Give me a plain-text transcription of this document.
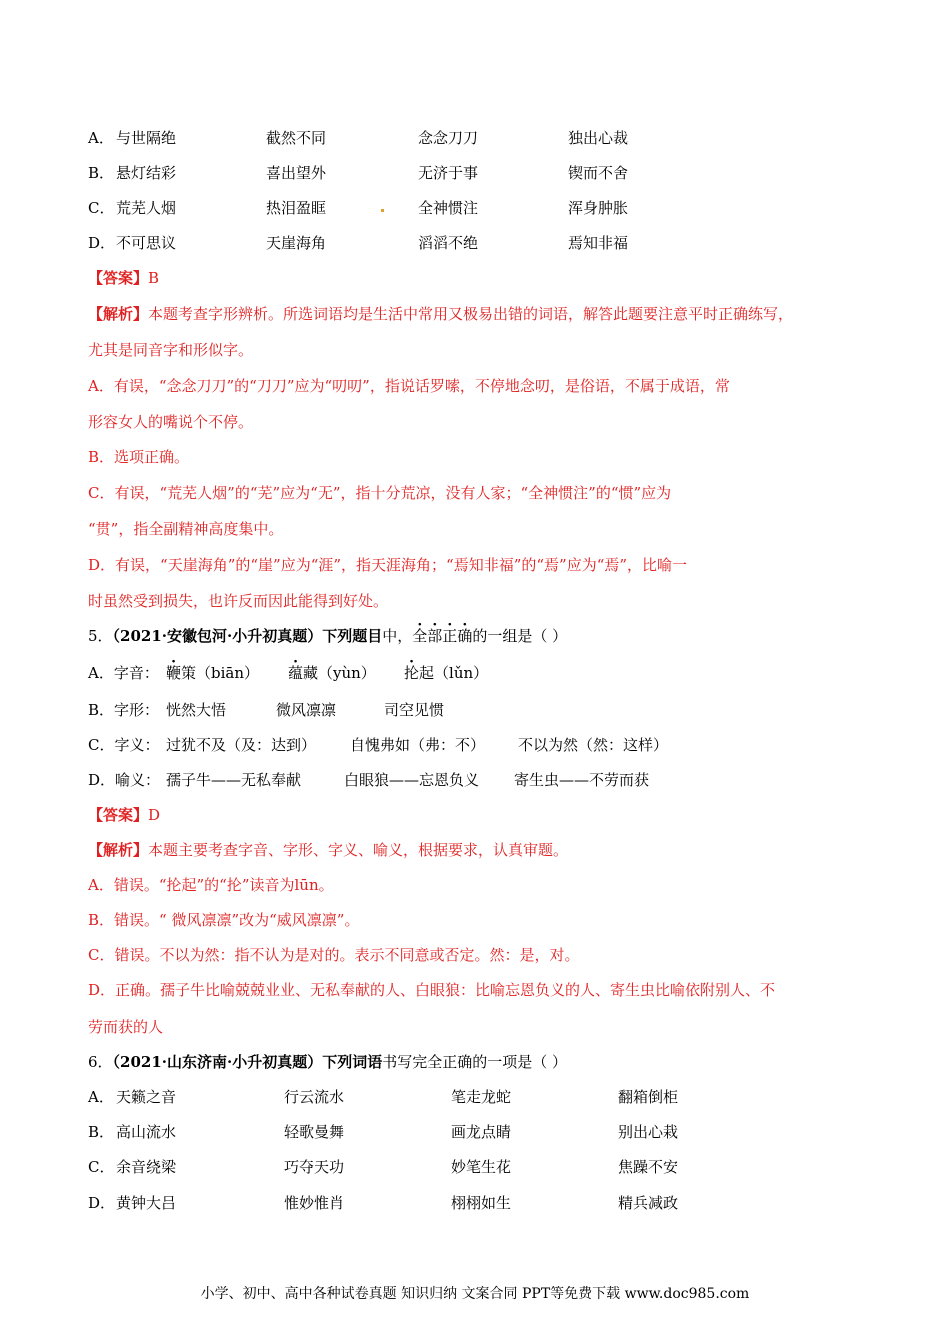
A． 与世隔绝	截然不同	念念刀刀	独出心裁
B． 悬灯结彩	喜出望外	无济于事	锲而不舍
C． 荒芜人烟	热泪盈眶	全神惯注	浑身肿胀
D． 不可思议	天崖海角	滔滔不绝	焉知非福
【答案】B
【解析】本题考查字形辨析。所选词语均是生活中常用又极易出错的词语，解答此题要注意平时正确练写，
尤其是同音字和形似字。
A．有误，“念念刀刀”的“刀刀”应为“叨叨”，指说话罗嗦，不停地念叨，是俗语，不属于成语，常
形容女人的嘴说个不停。
B．选项正确。
C．有误，“荒芜人烟”的“芜”应为“无”，指十分荒凉，没有人家；“全神惯注”的“惯”应为
“贯”，指全副精神高度集中。
D．有误，“天崖海角”的“崖”应为“涯”，指天涯海角；“焉知非福”的“焉”应为“焉”，比喻一
时虽然受到损失，也许反而因此能得到好处。
5．（2021·安徽包河·小升初真题）下列题目中，全部正确的一组是（ ）
A．字音： 鞭策（biān） 蕴藏（yùn） 抡起（lǔn）
B．字形： 恍然大悟	微风凛凛	司空见惯
C．字义： 过犹不及（及：达到） 自愧弗如（弗：不） 不以为然（然：这样）
D．喻义： 孺子牛——无私奉献	白眼狼——忘恩负义 寄生虫——不劳而获
【答案】D
【解析】本题主要考查字音、字形、字义、喻义，根据要求，认真审题。
A．错误。“抡起”的“抡”读音为lūn。
B．错误。“ 微风凛凛”改为“威风凛凛”。
C．错误。不以为然：指不认为是对的。表示不同意或否定。然：是，对。
D．正确。孺子牛比喻兢兢业业、无私奉献的人、白眼狼：比喻忘恩负义的人、寄生虫比喻依附别人、不
劳而获的人
6．（2021·山东济南·小升初真题）下列词语书写完全正确的一项是（ ）
A． 天籁之音	行云流水	笔走龙蛇	翻箱倒柜
B． 高山流水	轻歌曼舞	画龙点睛	别出心栽
C． 余音绕梁	巧夺天功	妙笔生花	焦躁不安
D． 黄钟大吕	惟妙惟肖	栩栩如生	精兵减政
小学、初中、高中各种试卷真题 知识归纳 文案合同 PPT等免费下载 www.doc985.com
